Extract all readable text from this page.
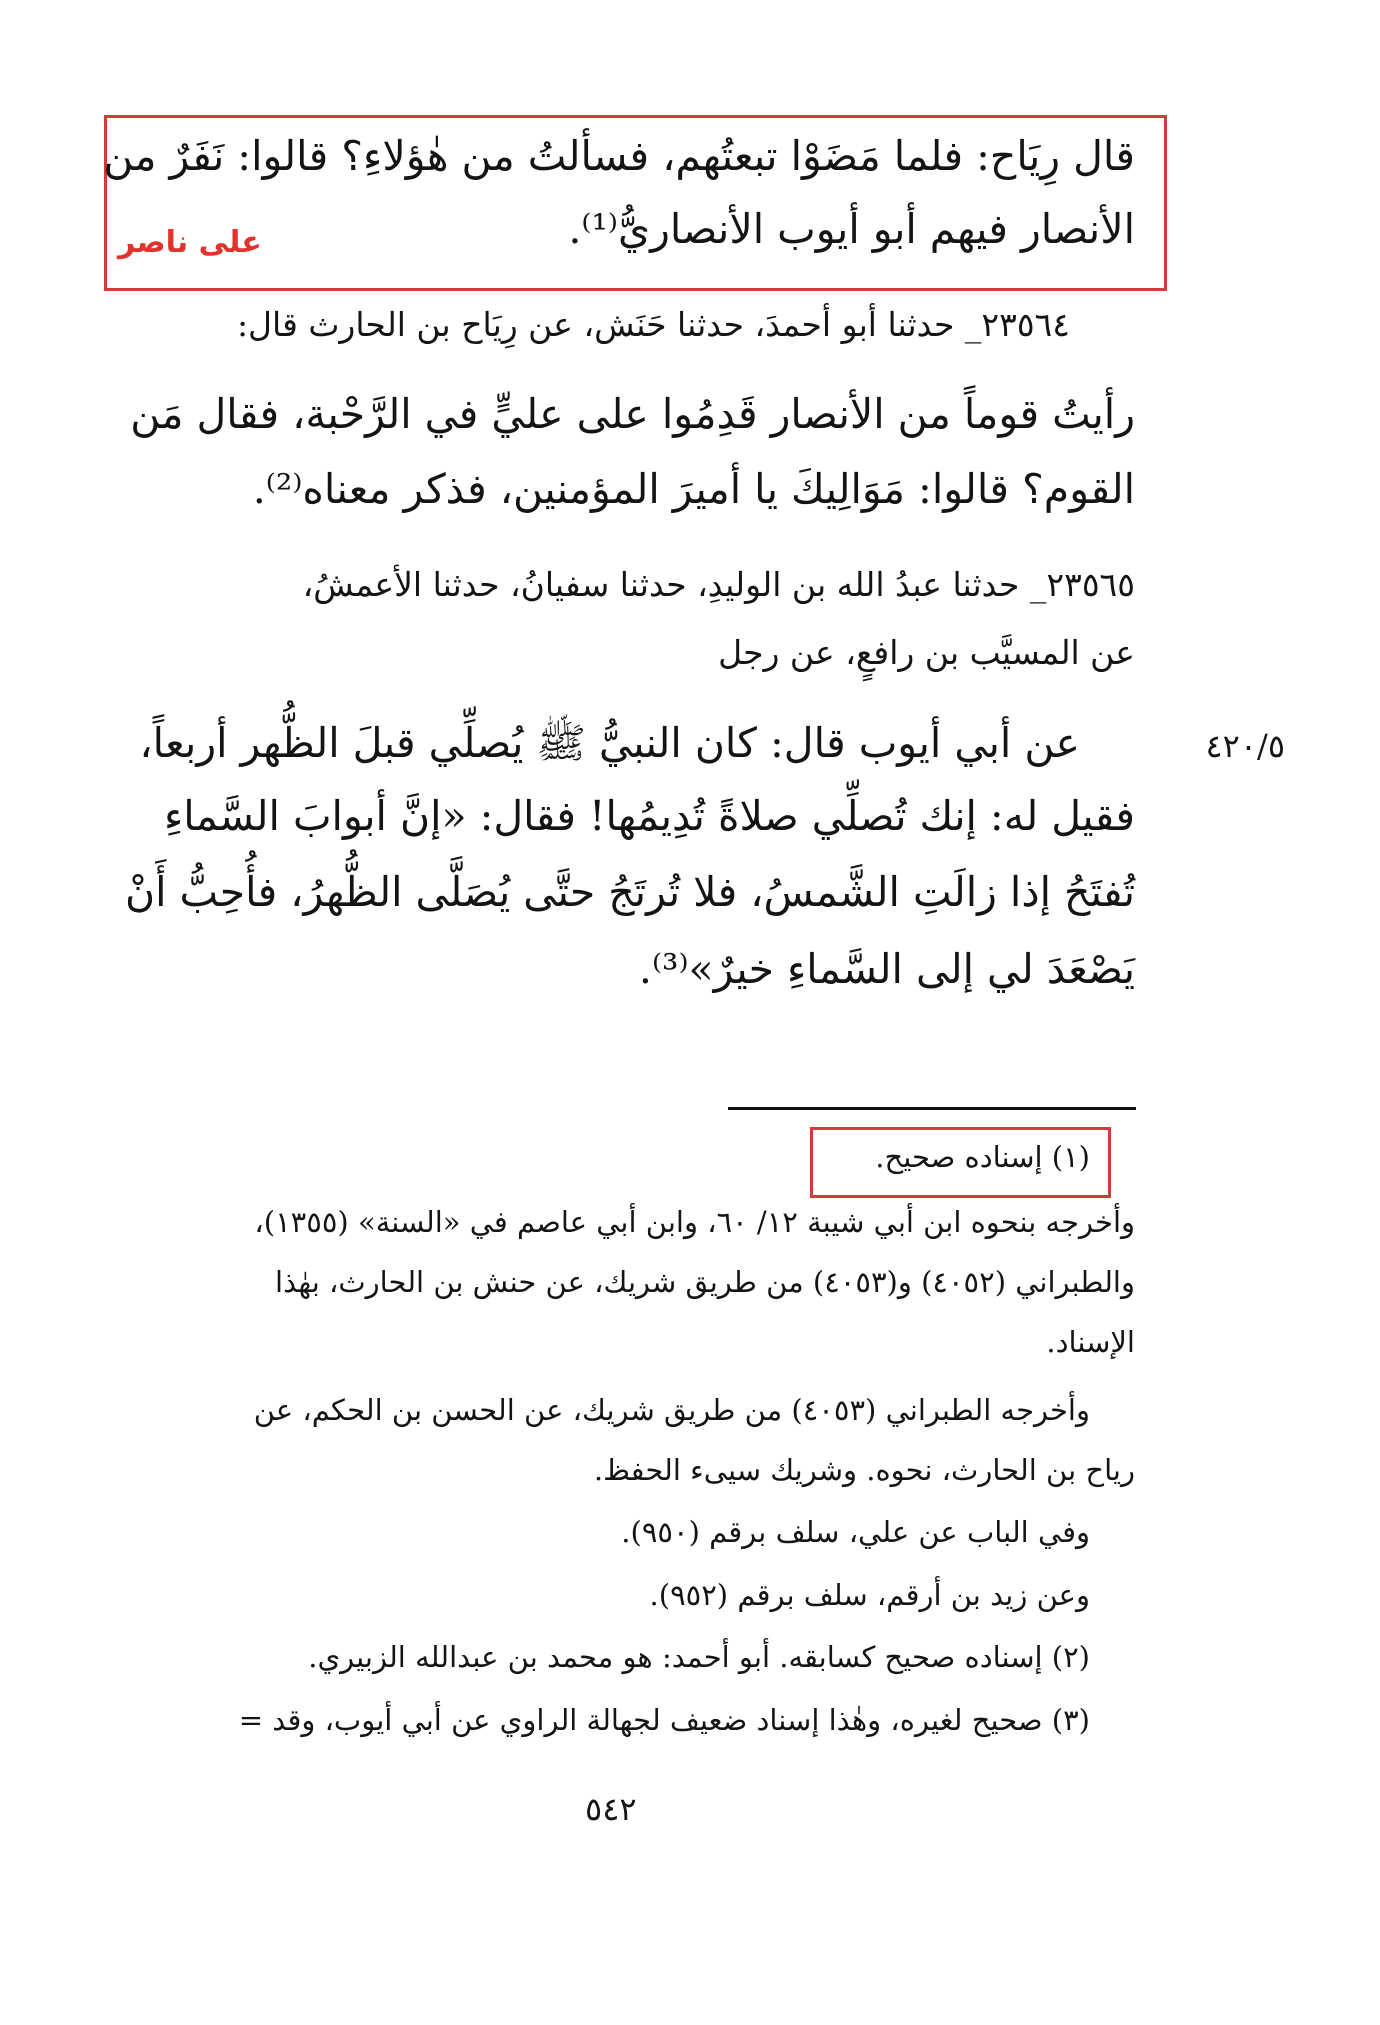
قال رِيَاح: فلما مَضَوْا تبعتُهم، فسألتُ من هٰؤلاءِ؟ قالوا: نَفَرٌ من
الأنصار فيهم أبو أيوب الأنصاريُّ⁽¹⁾.
علی ناصر
٢٣٥٦٤_ حدثنا أبو أحمدَ، حدثنا حَنَش، عن رِيَاح بن الحارث قال:
رأيتُ قوماً من الأنصار قَدِمُوا على عليٍّ في الرَّحْبة، فقال مَن
القوم؟ قالوا: مَوَالِيكَ يا أميرَ المؤمنين، فذكر معناه⁽²⁾.
٢٣٥٦٥_ حدثنا عبدُ الله بن الوليدِ، حدثنا سفيانُ، حدثنا الأعمشُ،
عن المسيَّب بن رافعٍ، عن رجل
٤٢٠/٥
عن أبي أيوب قال: كان النبيُّ ﷺ يُصلِّي قبلَ الظُّهر أربعاً،
فقيل له: إنك تُصلِّي صلاةً تُدِيمُها! فقال: «إنَّ أبوابَ السَّماءِ
تُفتَحُ إذا زالَتِ الشَّمسُ، فلا تُرتَجُ حتَّى يُصَلَّى الظُّهرُ، فأُحِبُّ أَنْ
يَصْعَدَ لي إلى السَّماءِ خيرٌ»⁽³⁾.
(١) إسناده صحيح.
وأخرجه بنحوه ابن أبي شيبة ١٢/ ٦٠، وابن أبي عاصم في «السنة» (١٣٥٥)،
والطبراني (٤٠٥٢) و(٤٠٥٣) من طريق شريك، عن حنش بن الحارث، بهٰذا
الإسناد.
وأخرجه الطبراني (٤٠٥٣) من طريق شريك، عن الحسن بن الحكم، عن
رياح بن الحارث، نحوه. وشريك سيىء الحفظ.
وفي الباب عن علي، سلف برقم (٩٥٠).
وعن زيد بن أرقم، سلف برقم (٩٥٢).
(٢) إسناده صحيح كسابقه. أبو أحمد: هو محمد بن عبدالله الزبيري.
(٣) صحيح لغيره، وهٰذا إسناد ضعيف لجهالة الراوي عن أبي أيوب، وقد =
٥٤٢
